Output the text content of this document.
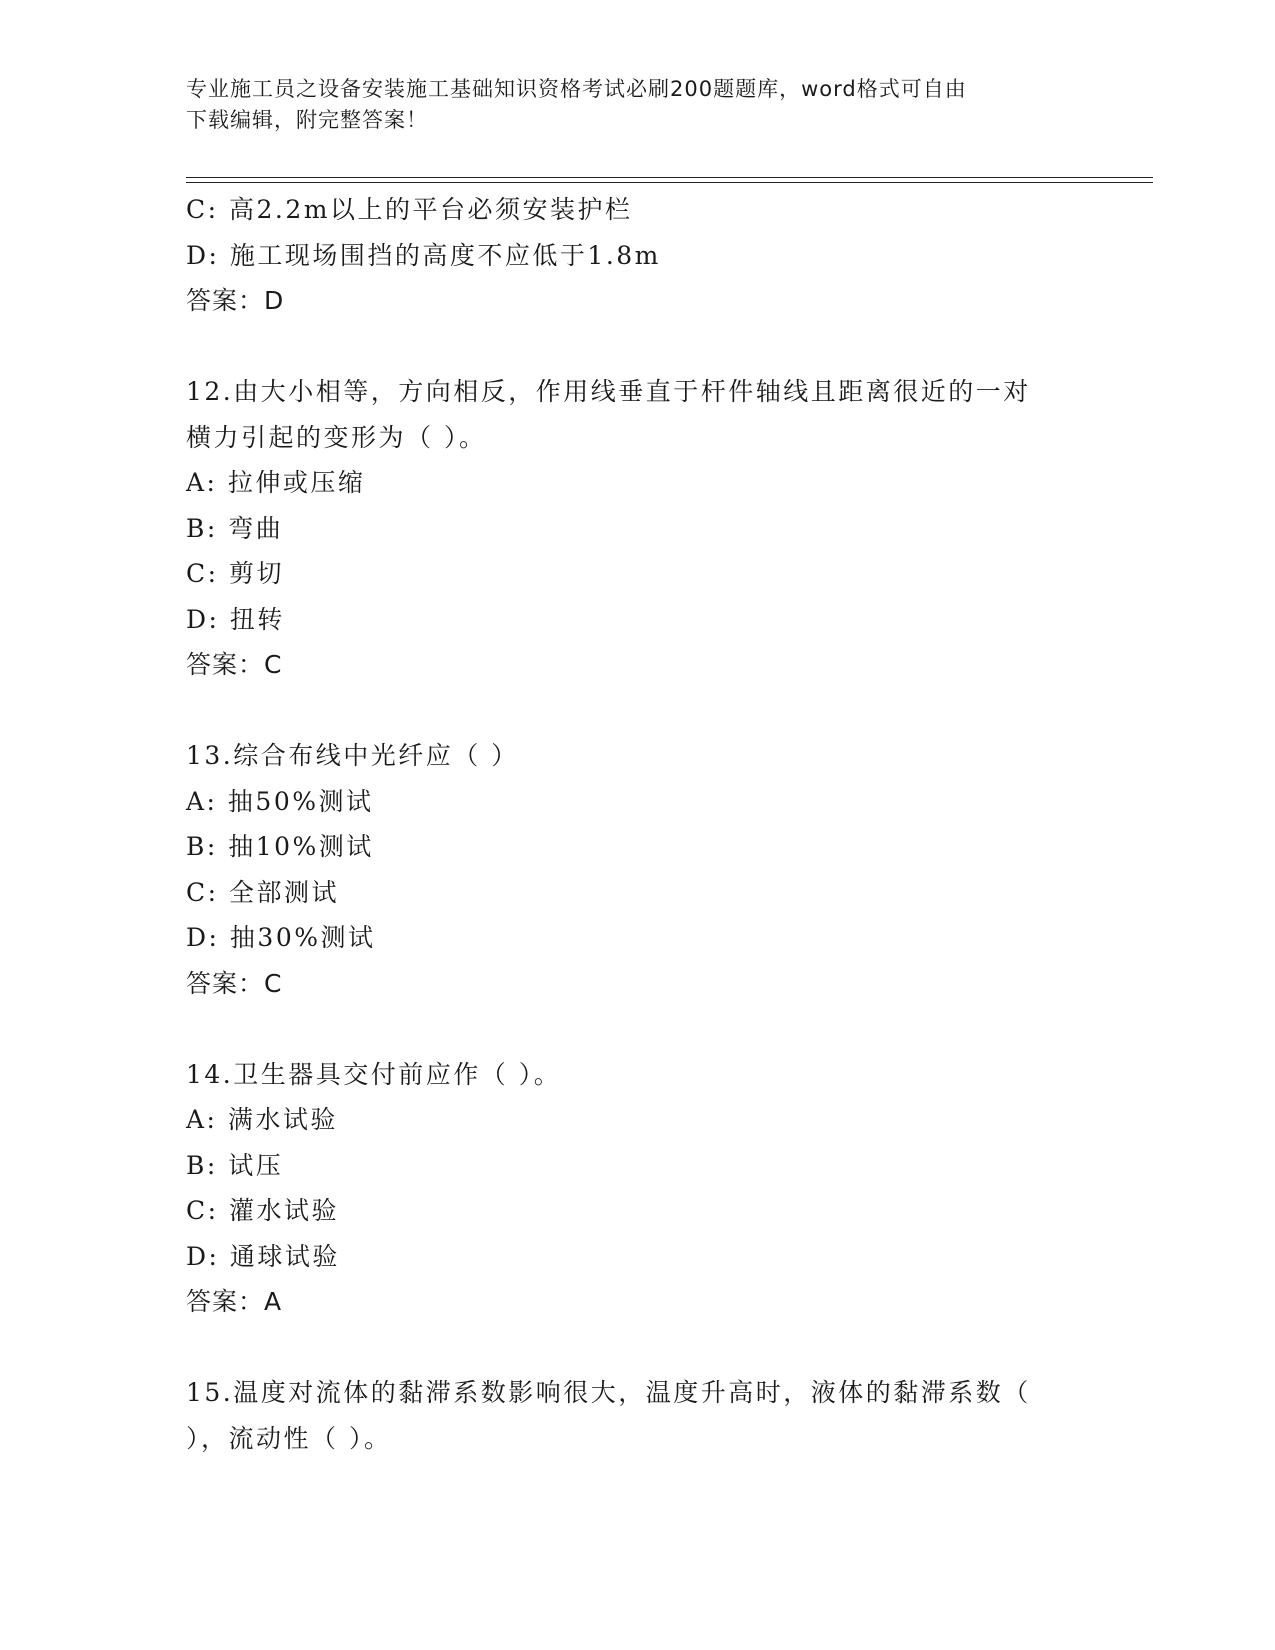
专业施工员之设备安装施工基础知识资格考试必刷200题题库，word格式可自由
下载编辑，附完整答案！
C: 高2.2m以上的平台必须安装护栏
D: 施工现场围挡的高度不应低于1.8m
答案：D
12.由大小相等，方向相反，作用线垂直于杆件轴线且距离很近的一对
横力引起的变形为（ ）。
A: 拉伸或压缩
B: 弯曲
C: 剪切
D: 扭转
答案：C
13.综合布线中光纤应（ ）
A: 抽50%测试
B: 抽10%测试
C: 全部测试
D: 抽30%测试
答案：C
14.卫生器具交付前应作（ ）。
A: 满水试验
B: 试压
C: 灌水试验
D: 通球试验
答案：A
15.温度对流体的黏滞系数影响很大，温度升高时，液体的黏滞系数（
），流动性（ ）。
